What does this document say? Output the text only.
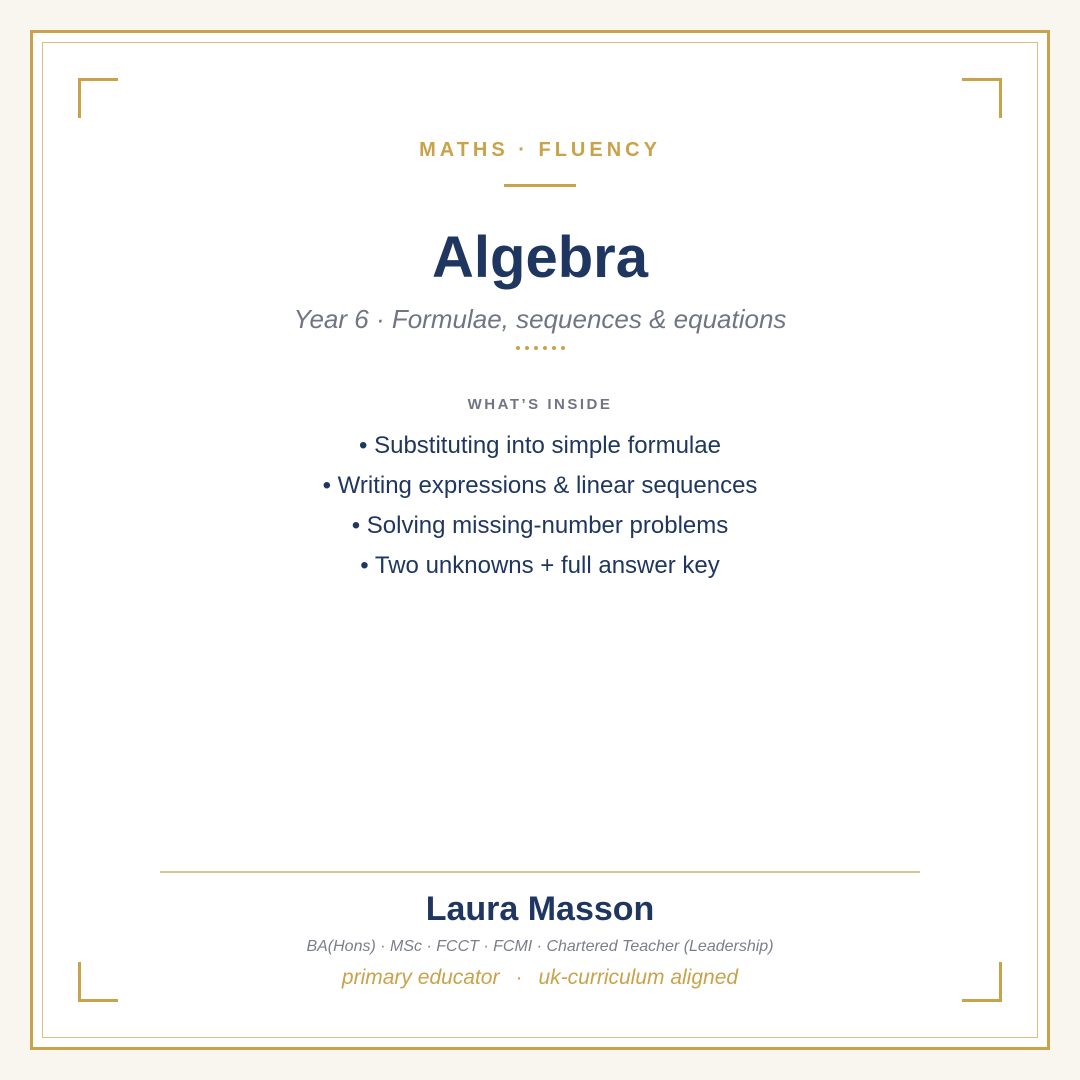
MATHS · FLUENCY
Algebra
Year 6 · Formulae, sequences & equations
WHAT’S INSIDE
• Substituting into simple formulae
• Writing expressions & linear sequences
• Solving missing-number problems
• Two unknowns + full answer key
Laura Masson
BA(Hons) · MSc · FCCT · FCMI · Chartered Teacher (Leadership)
primary educator · uk-curriculum aligned
